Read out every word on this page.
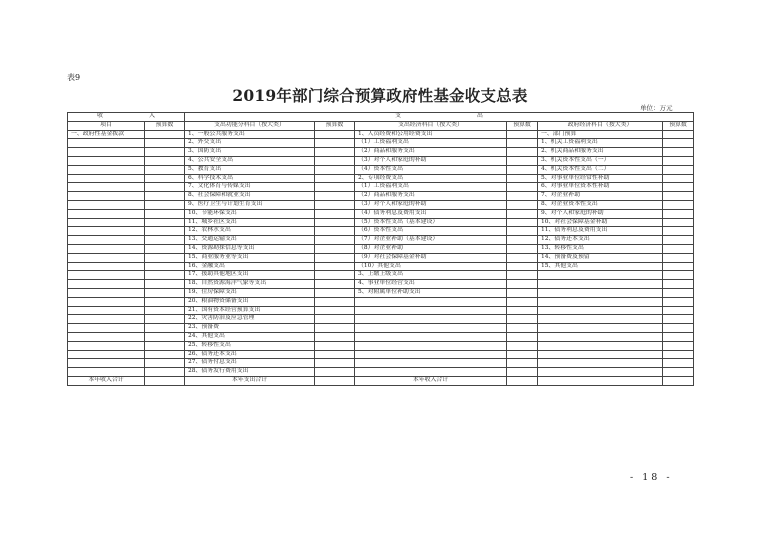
表9
2019年部门综合预算政府性基金收支总表
单位：万元
收 入		支 出					
项目	预算数	支出功能分科目（按大类）	预算数	支出经济科目（按大类）	预算数	政府经济科目（按大类）	预算数
一、政府性基金拨款		1、一般公共服务支出		1、人员经费和公用经费支出		一、部门预算	
		2、外交支出		（1）工资福利支出		1、机关工资福利支出	
		3、国防支出		（2）商品和服务支出		2、机关商品和服务支出	
		4、公共安全支出		（3）对个人和家庭的补助		3、机关资本性支出（一）	
		5、教育支出		（4）资本性支出		4、机关资本性支出（二）	
		6、科学技术支出		2、专项经费支出		5、对事业单位经常性补助	
		7、文化体育与传媒支出		（1）工资福利支出		6、对事业单位资本性补助	
		8、社会保障和就业支出		（2）商品和服务支出		7、对企业补助	
		9、医疗卫生与计划生育支出		（3）对个人和家庭的补助		8、对企业资本性支出	
		10、节能环保支出		（4）债务利息及费用支出		9、对个人和家庭的补助	
		11、城乡社区支出		（5）资本性支出（基本建设）		10、对社会保障基金补助	
		12、农林水支出		（6）资本性支出		11、债务利息及费用支出	
		13、交通运输支出		（7）对企业补助（基本建设）		12、债务还本支出	
		14、资源勘探信息等支出		（8）对企业补助		13、转移性支出	
		15、商业服务业等支出		（9）对社会保障基金补助		14、预备费及预留	
		16、金融支出		（10）其他支出		15、其他支出	
		17、援助其他地区支出		3、上缴上级支出			
		18、自然资源海洋气象等支出		4、事业单位经营支出			
		19、住房保障支出		5、对附属单位补助支出			
		20、粮油物资储备支出					
		21、国有资本经营预算支出					
		22、灾害防治及应急管理					
		23、预备费					
		24、其他支出					
		25、转移性支出					
		26、债务还本支出					
		27、债务付息支出					
		28、债务发行费用支出					
本年收入合计		本年支出合计		本年收入合计			
- 18 -
